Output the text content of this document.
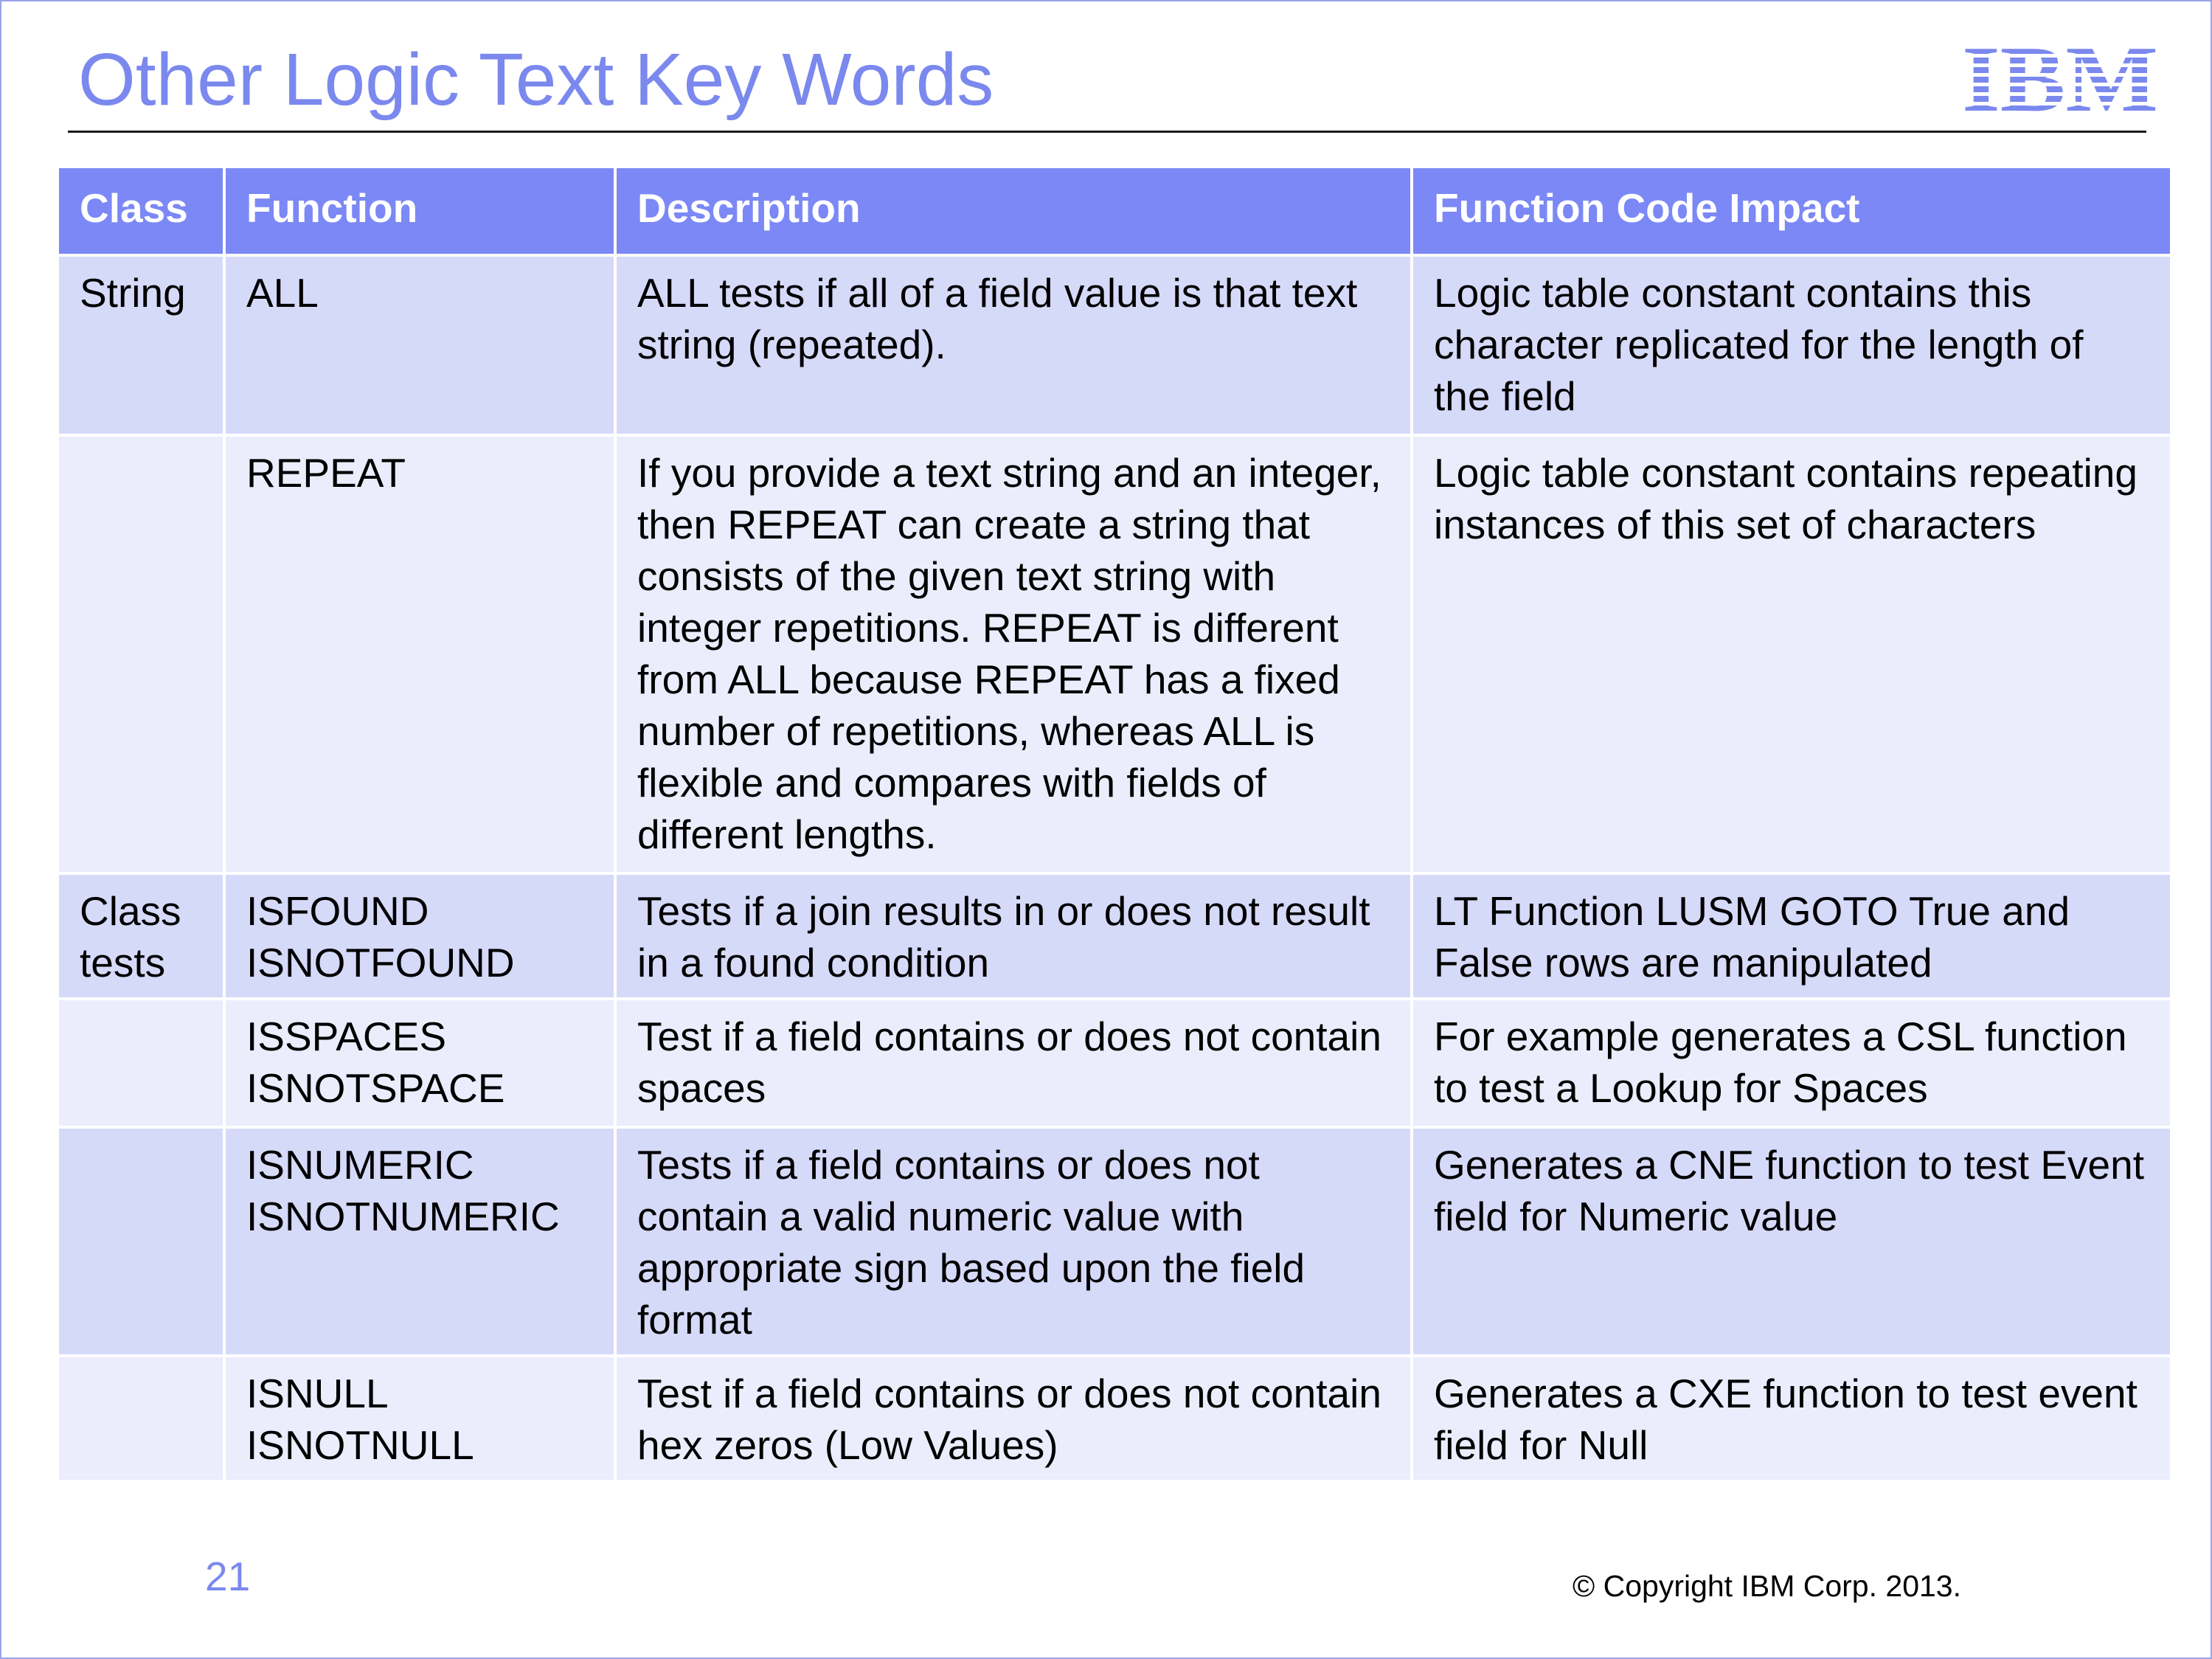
Other Logic Text Key Words
Class	Function	Description	Function Code Impact
String	ALL	ALL tests if all of a field value is that text string (repeated).	Logic table constant contains this character replicated for the length of the field
	REPEAT	If you provide a text string and an integer, then REPEAT can create a string that consists of the given text string with integer repetitions. REPEAT is different from ALL because REPEAT has a fixed number of repetitions, whereas ALL is flexible and compares with fields of different lengths.	Logic table constant contains repeating instances of this set of characters
Class tests	ISFOUND ISNOTFOUND	Tests if a join results in or does not result in a found condition	LT Function LUSM GOTO True and False rows are manipulated
	ISSPACES ISNOTSPACE	Test if a field contains or does not contain spaces	For example generates a CSL function to test a Lookup for Spaces
	ISNUMERIC ISNOTNUMERIC	Tests if a field contains or does not contain a valid numeric value with appropriate sign based upon the field format	Generates a CNE function to test Event field for Numeric value
	ISNULL ISNOTNULL	Test if a field contains or does not contain hex zeros (Low Values)	Generates a CXE function to test event field for Null
21	© Copyright IBM Corp. 2013.
